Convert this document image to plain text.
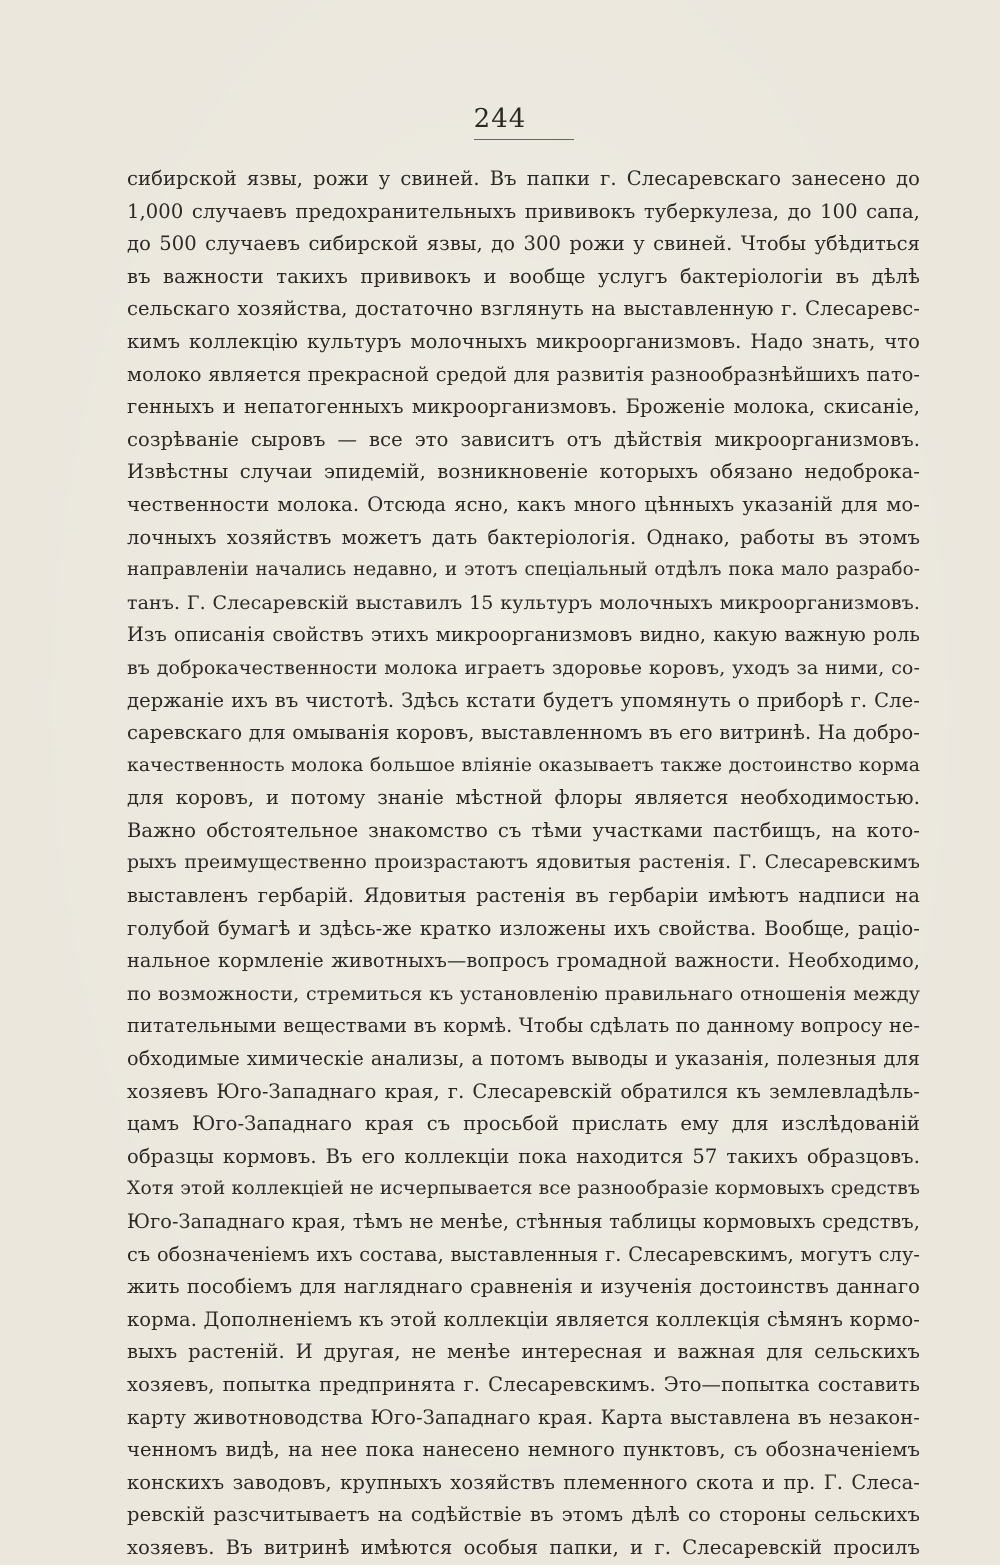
244
сибирской язвы, рожи у свиней. Въ папки г. Слесаревскаго занесено до
1,000 случаевъ предохранительныхъ прививокъ туберкулеза, до 100 сапа,
до 500 случаевъ сибирской язвы, до 300 рожи у свиней. Чтобы убѣдиться
въ важности такихъ прививокъ и вообще услугъ бактеріологіи въ дѣлѣ
сельскаго хозяйства, достаточно взглянуть на выставленную г. Слесаревс-
кимъ коллекцію культуръ молочныхъ микроорганизмовъ. Надо знать, что
молоко является прекрасной средой для развитія разнообразнѣйшихъ пато-
генныхъ и непатогенныхъ микроорганизмовъ. Броженіе молока, скисаніе,
созрѣваніе сыровъ — все это зависитъ отъ дѣйствія микроорганизмовъ.
Извѣстны случаи эпидемій, возникновеніе которыхъ обязано недоброка-
чественности молока. Отсюда ясно, какъ много цѣнныхъ указаній для мо-
лочныхъ хозяйствъ можетъ дать бактеріологія. Однако, работы въ этомъ
направленіи начались недавно, и этотъ спеціальный отдѣлъ пока мало разрабо-
танъ. Г. Слесаревскій выставилъ 15 культуръ молочныхъ микроорганизмовъ.
Изъ описанія свойствъ этихъ микроорганизмовъ видно, какую важную роль
въ доброкачественности молока играетъ здоровье коровъ, уходъ за ними, со-
держаніе ихъ въ чистотѣ. Здѣсь кстати будетъ упомянуть о приборѣ г. Сле-
саревскаго для омыванія коровъ, выставленномъ въ его витринѣ. На добро-
качественность молока большое вліяніе оказываетъ также достоинство корма
для коровъ, и потому знаніе мѣстной флоры является необходимостью.
Важно обстоятельное знакомство съ тѣми участками пастбищъ, на кото-
рыхъ преимущественно произрастаютъ ядовитыя растенія. Г. Слесаревскимъ
выставленъ гербарій. Ядовитыя растенія въ гербаріи имѣютъ надписи на
голубой бумагѣ и здѣсь-же кратко изложены ихъ свойства. Вообще, раціо-
нальное кормленіе животныхъ—вопросъ громадной важности. Необходимо,
по возможности, стремиться къ установленію правильнаго отношенія между
питательными веществами въ кормѣ. Чтобы сдѣлать по данному вопросу не-
обходимые химическіе анализы, а потомъ выводы и указанія, полезныя для
хозяевъ Юго-Западнаго края, г. Слесаревскій обратился къ землевладѣль-
цамъ Юго-Западнаго края съ просьбой прислать ему для изслѣдованій
образцы кормовъ. Въ его коллекціи пока находится 57 такихъ образцовъ.
Хотя этой коллекціей не исчерпывается все разнообразіе кормовыхъ средствъ
Юго-Западнаго края, тѣмъ не менѣе, стѣнныя таблицы кормовыхъ средствъ,
съ обозначеніемъ ихъ состава, выставленныя г. Слесаревскимъ, могутъ слу-
жить пособіемъ для нагляднаго сравненія и изученія достоинствъ даннаго
корма. Дополненіемъ къ этой коллекціи является коллекція сѣмянъ кормо-
выхъ растеній. И другая, не менѣе интересная и важная для сельскихъ
хозяевъ, попытка предпринята г. Слесаревскимъ. Это—попытка составить
карту животноводства Юго-Западнаго края. Карта выставлена въ незакон-
ченномъ видѣ, на нее пока нанесено немного пунктовъ, съ обозначеніемъ
конскихъ заводовъ, крупныхъ хозяйствъ племенного скота и пр. Г. Слеса-
ревскій разсчитываетъ на содѣйствіе въ этомъ дѣлѣ со стороны сельскихъ
хозяевъ. Въ витринѣ имѣются особыя папки, и г. Слесаревскій просилъ
